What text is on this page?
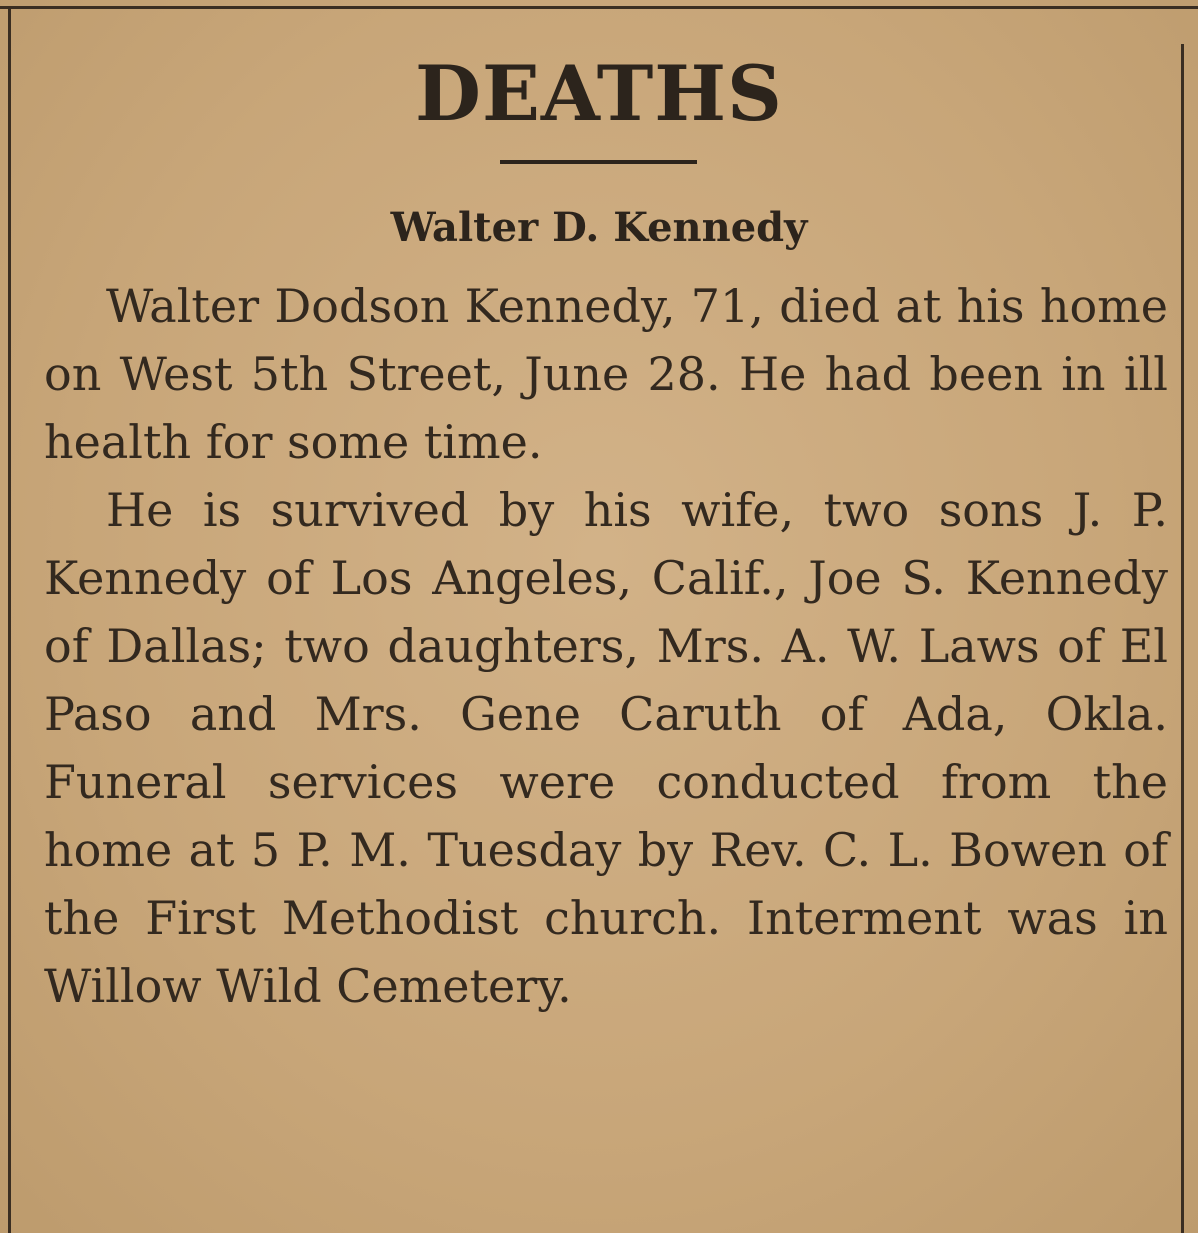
DEATHS
Walter D. Kennedy

Walter Dodson Kennedy, 71, died at his home on West 5th Street, June 28. He had been in ill health for some time.

He is survived by his wife, two sons J. P. Kennedy of Los Angeles, Calif., Joe S. Kennedy of Dallas; two daughters, Mrs. A. W. Laws of El Paso and Mrs. Gene Caruth of Ada, Okla. Funeral services were conducted from the home at 5 P. M. Tuesday by Rev. C. L. Bowen of the First Methodist church. Interment was in Willow Wild Cemetery.
